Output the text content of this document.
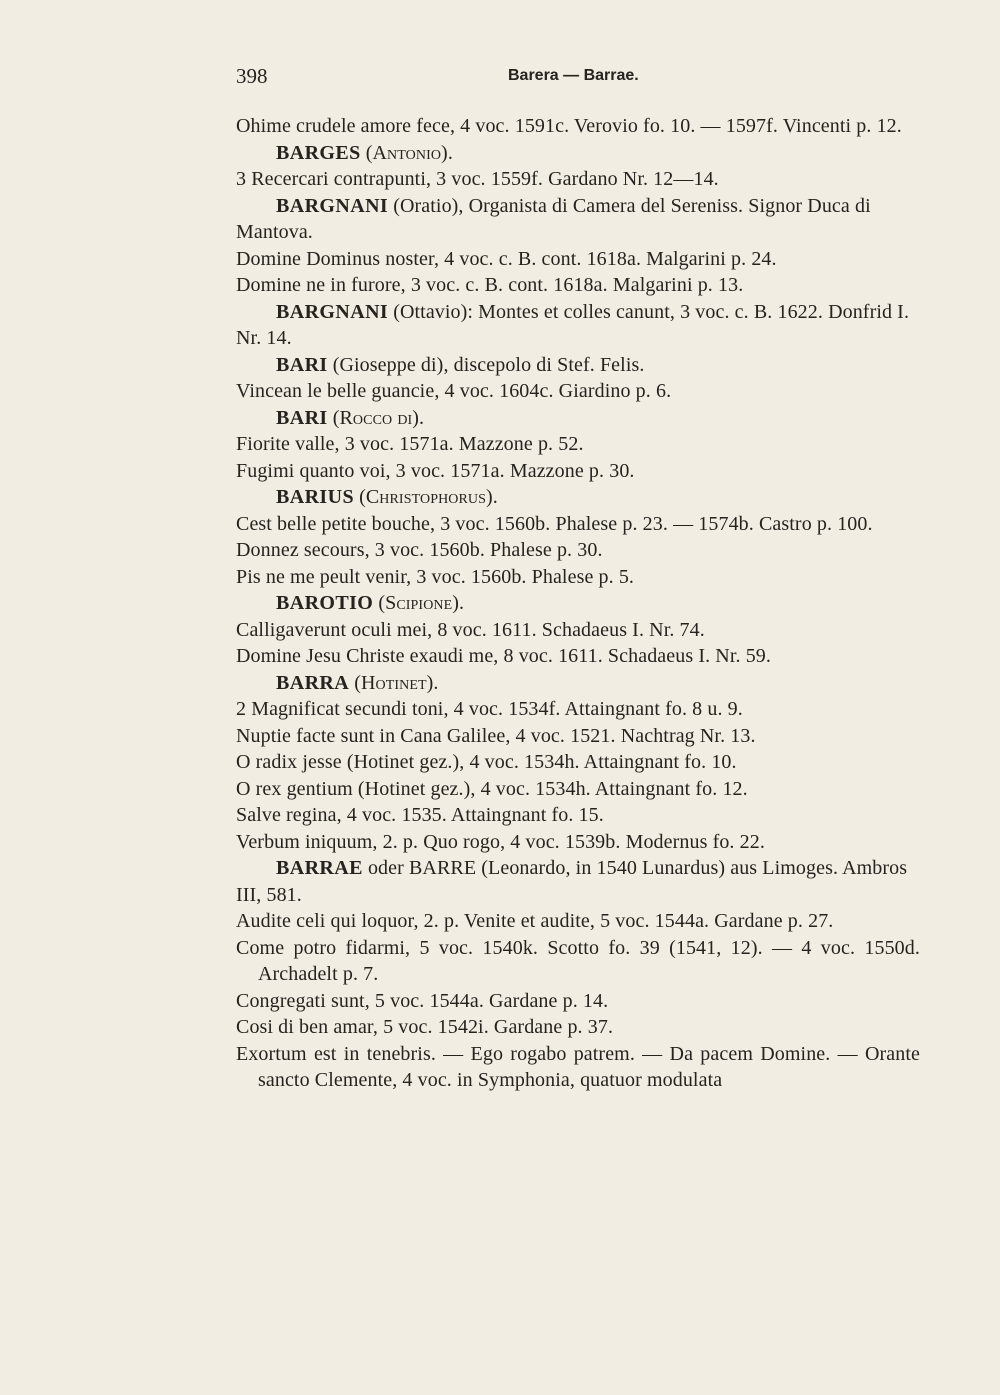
398	Barera — Barrae.

Ohime crudele amore fece, 4 voc. 1591c. Verovio fo. 10. — 1597f. Vincenti p. 12.

BARGES (Antonio).

3 Recercari contrapunti, 3 voc. 1559f. Gardano Nr. 12—14.

BARGNANI (Oratio), Organista di Camera del Sereniss. Signor Duca di Mantova.

Domine Dominus noster, 4 voc. c. B. cont. 1618a. Malgarini p. 24.

Domine ne in furore, 3 voc. c. B. cont. 1618a. Malgarini p. 13.

BARGNANI (Ottavio): Montes et colles canunt, 3 voc. c. B. 1622. Donfrid I. Nr. 14.

BARI (Gioseppe di), discepolo di Stef. Felis.

Vincean le belle guancie, 4 voc. 1604c. Giardino p. 6.

BARI (Rocco di).

Fiorite valle, 3 voc. 1571a. Mazzone p. 52.

Fugimi quanto voi, 3 voc. 1571a. Mazzone p. 30.

BARIUS (Christophorus).

Cest belle petite bouche, 3 voc. 1560b. Phalese p. 23. — 1574b. Castro p. 100.

Donnez secours, 3 voc. 1560b. Phalese p. 30.

Pis ne me peult venir, 3 voc. 1560b. Phalese p. 5.

BAROTIO (Scipione).

Calligaverunt oculi mei, 8 voc. 1611. Schadaeus I. Nr. 74.

Domine Jesu Christe exaudi me, 8 voc. 1611. Schadaeus I. Nr. 59.

BARRA (Hotinet).

2 Magnificat secundi toni, 4 voc. 1534f. Attaingnant fo. 8 u. 9.

Nuptie facte sunt in Cana Galilee, 4 voc. 1521. Nachtrag Nr. 13.

O radix jesse (Hotinet gez.), 4 voc. 1534h. Attaingnant fo. 10.

O rex gentium (Hotinet gez.), 4 voc. 1534h. Attaingnant fo. 12.

Salve regina, 4 voc. 1535. Attaingnant fo. 15.

Verbum iniquum, 2. p. Quo rogo, 4 voc. 1539b. Modernus fo. 22.

BARRAE oder BARRE (Leonardo, in 1540 Lunardus) aus Limoges. Ambros III, 581.

Audite celi qui loquor, 2. p. Venite et audite, 5 voc. 1544a. Gardane p. 27.

Come potro fidarmi, 5 voc. 1540k. Scotto fo. 39 (1541, 12). — 4 voc. 1550d. Archadelt p. 7.

Congregati sunt, 5 voc. 1544a. Gardane p. 14.

Cosi di ben amar, 5 voc. 1542i. Gardane p. 37.

Exortum est in tenebris. — Ego rogabo patrem. — Da pacem Domine. — Orante sancto Clemente, 4 voc. in Symphonia, quatuor modulata
